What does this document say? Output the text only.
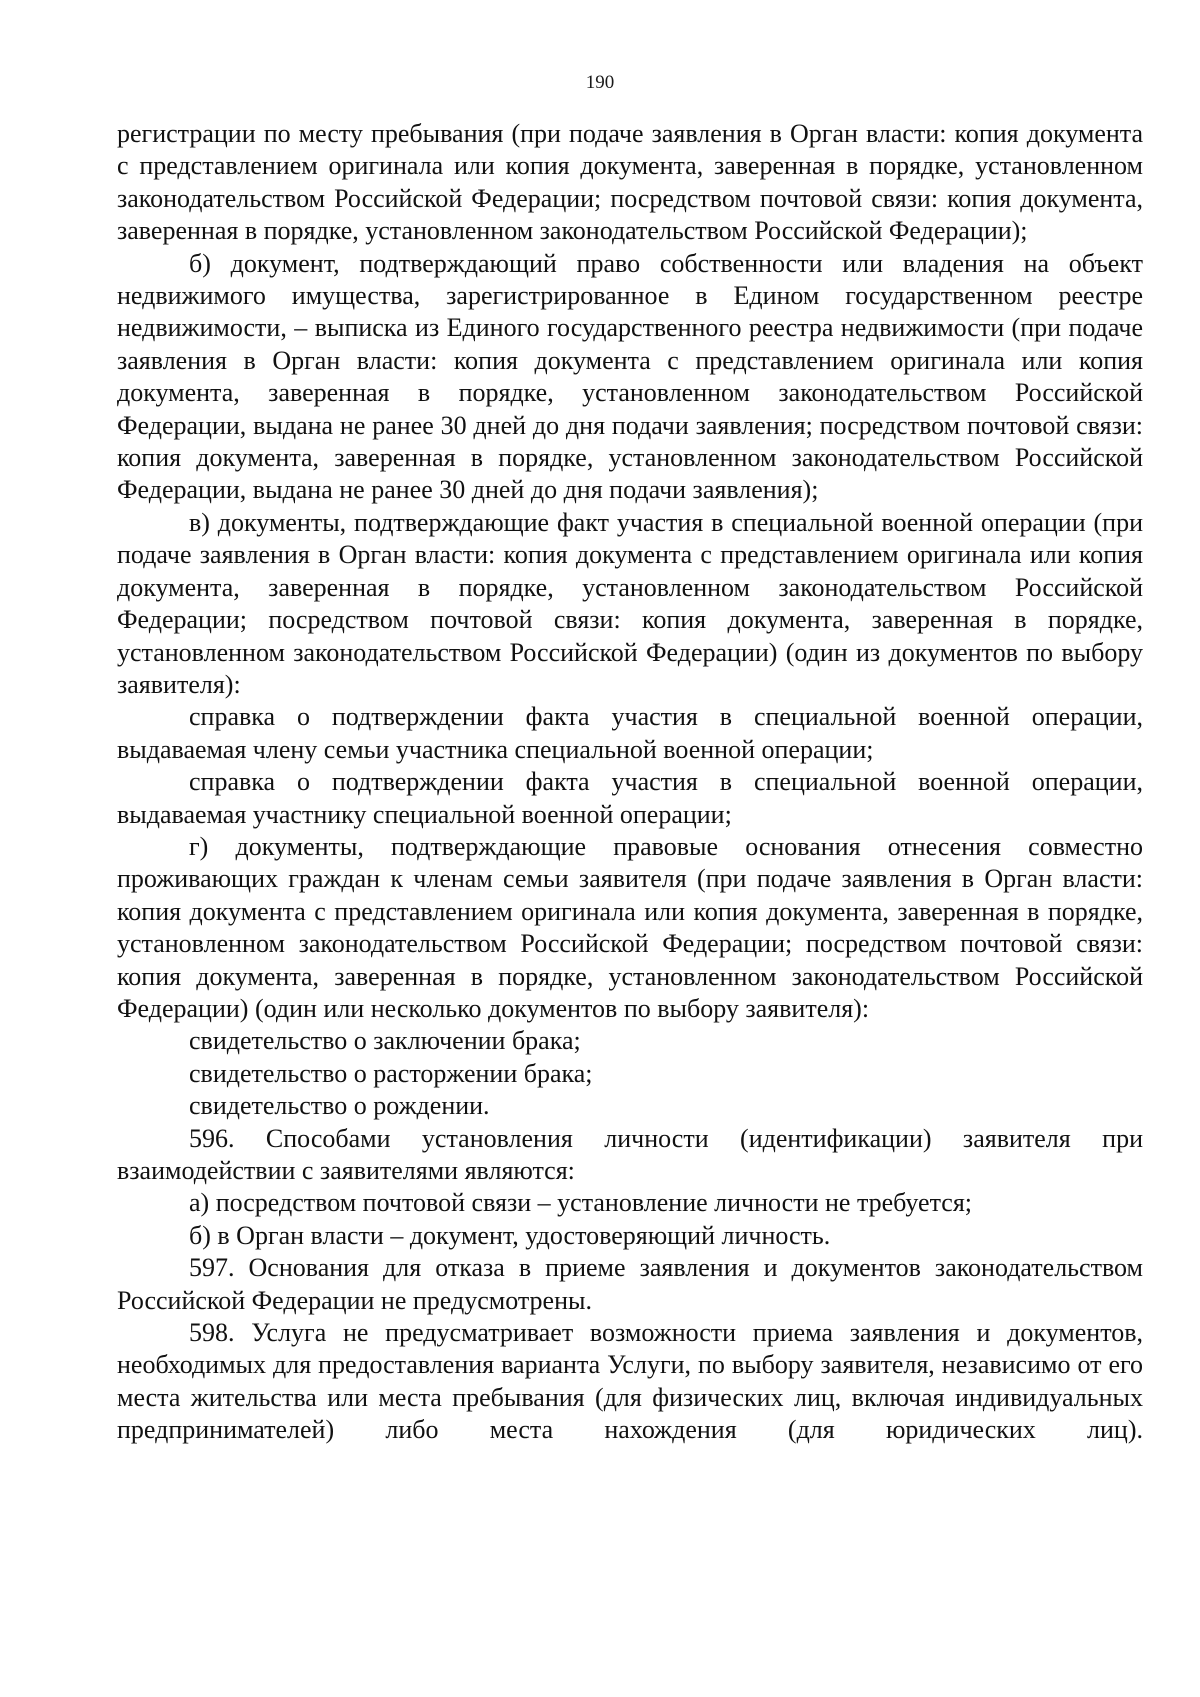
190

регистрации по месту пребывания (при подаче заявления в Орган власти: копия документа с представлением оригинала или копия документа, заверенная в порядке, установленном законодательством Российской Федерации; посредством почтовой связи: копия документа, заверенная в порядке, установленном законодательством Российской Федерации);

б) документ, подтверждающий право собственности или владения на объект недвижимого имущества, зарегистрированное в Едином государственном реестре недвижимости, – выписка из Единого государственного реестра недвижимости (при подаче заявления в Орган власти: копия документа с представлением оригинала или копия документа, заверенная в порядке, установленном законодательством Российской Федерации, выдана не ранее 30 дней до дня подачи заявления; посредством почтовой связи: копия документа, заверенная в порядке, установленном законодательством Российской Федерации, выдана не ранее 30 дней до дня подачи заявления);

в) документы, подтверждающие факт участия в специальной военной операции (при подаче заявления в Орган власти: копия документа с представлением оригинала или копия документа, заверенная в порядке, установленном законодательством Российской Федерации; посредством почтовой связи: копия документа, заверенная в порядке, установленном законодательством Российской Федерации) (один из документов по выбору заявителя):

справка о подтверждении факта участия в специальной военной операции, выдаваемая члену семьи участника специальной военной операции;

справка о подтверждении факта участия в специальной военной операции, выдаваемая участнику специальной военной операции;

г) документы, подтверждающие правовые основания отнесения совместно проживающих граждан к членам семьи заявителя (при подаче заявления в Орган власти: копия документа с представлением оригинала или копия документа, заверенная в порядке, установленном законодательством Российской Федерации; посредством почтовой связи: копия документа, заверенная в порядке, установленном законодательством Российской Федерации) (один или несколько документов по выбору заявителя):

свидетельство о заключении брака;

свидетельство о расторжении брака;

свидетельство о рождении.

596. Способами установления личности (идентификации) заявителя при взаимодействии с заявителями являются:

а) посредством почтовой связи – установление личности не требуется;

б) в Орган власти – документ, удостоверяющий личность.

597. Основания для отказа в приеме заявления и документов законодательством Российской Федерации не предусмотрены.

598. Услуга не предусматривает возможности приема заявления и документов, необходимых для предоставления варианта Услуги, по выбору заявителя, независимо от его места жительства или места пребывания (для физических лиц, включая индивидуальных предпринимателей) либо места нахождения (для юридических лиц).
